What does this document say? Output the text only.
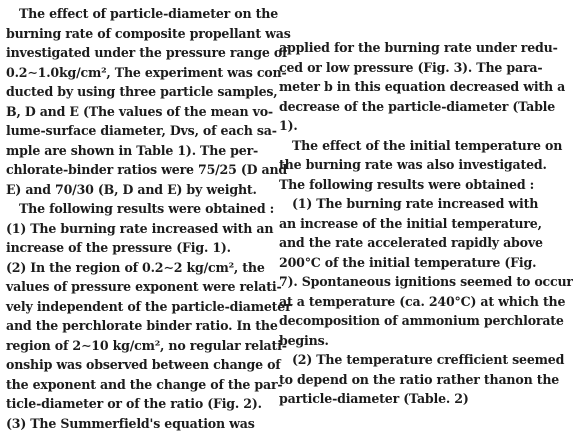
The effect of particle-diameter on the
burning rate of composite propellant was
investigated under the pressure range of
0.2∼1.0kg/cm², The experiment was con-
ducted by using three particle samples,
B, D and E (The values of the mean vo-
lume-surface diameter, Dvs, of each sa-
mple are shown in Table 1). The per-
chlorate-binder ratios were 75/25 (D and
E) and 70/30 (B, D and E) by weight.
The following results were obtained :
(1) The burning rate increased with an
increase of the pressure (Fig. 1).
(2) In the region of 0.2∼2 kg/cm², the
values of pressure exponent were relati-
vely independent of the particle-diameter
and the perchlorate binder ratio. In the
region of 2∼10 kg/cm², no regular relati-
onship was observed between change of
the exponent and the change of the par-
ticle-diameter or of the ratio (Fig. 2).
(3) The Summerfield's equation was
applied for the burning rate under redu-
ced or low pressure (Fig. 3). The para-
meter b in this equation decreased with a
decrease of the particle-diameter (Table
1).
The effect of the initial temperature on
the burning rate was also investigated.
The following results were obtained :
(1) The burning rate increased with
an increase of the initial temperature,
and the rate accelerated rapidly above
200°C of the initial temperature (Fig.
7). Spontaneous ignitions seemed to occur
at a temperature (ca. 240°C) at which the
decomposition of ammonium perchlorate
begins.
(2) The temperature crefficient seemed
to depend on the ratio rather thanon the
particle-diameter (Table. 2)
